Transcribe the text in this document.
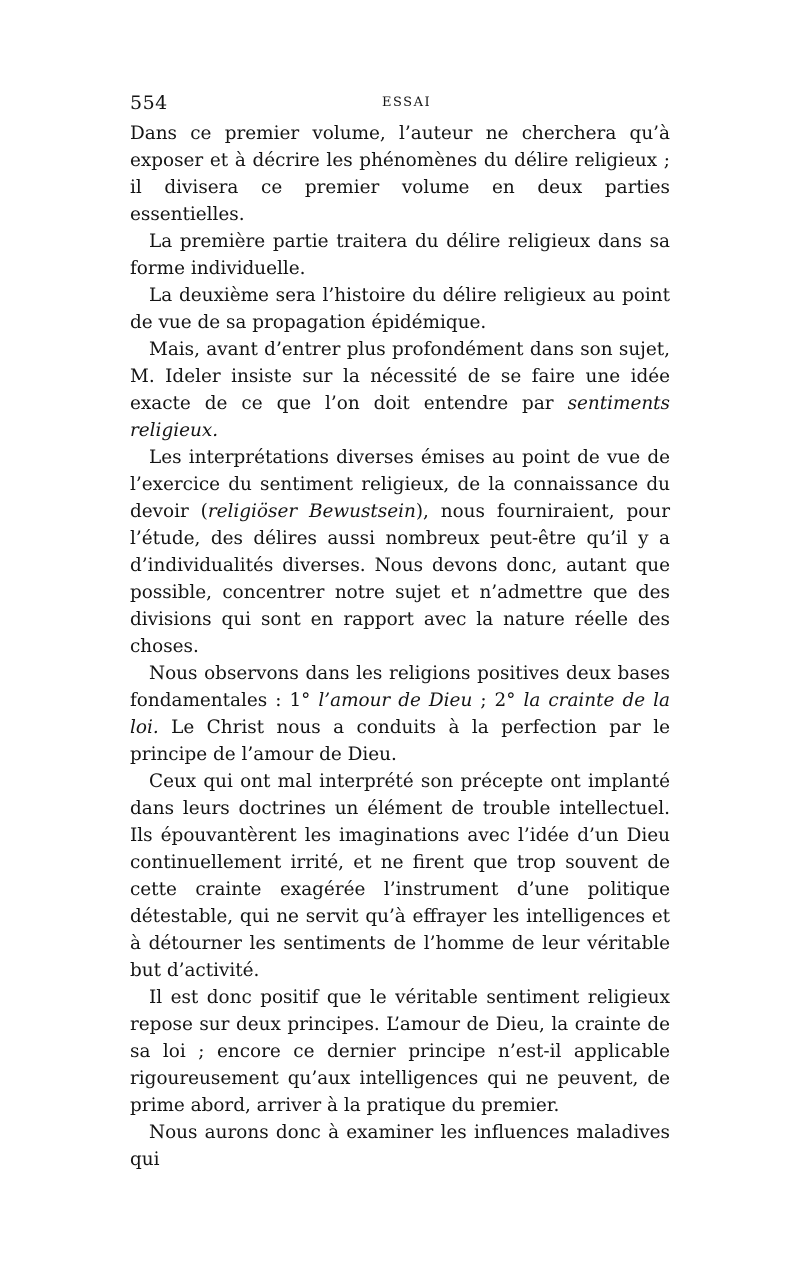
554	ESSAI

Dans ce premier volume, l’auteur ne cherchera qu’à exposer et à décrire les phénomènes du délire religieux ; il divisera ce premier volume en deux parties essentielles.

La première partie traitera du délire religieux dans sa forme individuelle.

La deuxième sera l’histoire du délire religieux au point de vue de sa propagation épidémique.

Mais, avant d’entrer plus profondément dans son sujet, M. Ideler insiste sur la nécessité de se faire une idée exacte de ce que l’on doit entendre par sentiments religieux.

Les interprétations diverses émises au point de vue de l’exercice du sentiment religieux, de la connaissance du devoir (religiöser Bewustsein), nous fourniraient, pour l’étude, des délires aussi nombreux peut-être qu’il y a d’individualités diverses. Nous devons donc, autant que possible, concentrer notre sujet et n’admettre que des divisions qui sont en rapport avec la nature réelle des choses.

Nous observons dans les religions positives deux bases fondamentales : 1° l’amour de Dieu ; 2° la crainte de la loi. Le Christ nous a conduits à la perfection par le principe de l’amour de Dieu.

Ceux qui ont mal interprété son précepte ont implanté dans leurs doctrines un élément de trouble intellectuel. Ils épouvantèrent les imaginations avec l’idée d’un Dieu continuellement irrité, et ne firent que trop souvent de cette crainte exagérée l’instrument d’une politique détestable, qui ne servit qu’à effrayer les intelligences et à détourner les sentiments de l’homme de leur véritable but d’activité.

Il est donc positif que le véritable sentiment religieux repose sur deux principes. L’amour de Dieu, la crainte de sa loi ; encore ce dernier principe n’est-il applicable rigoureusement qu’aux intelligences qui ne peuvent, de prime abord, arriver à la pratique du premier.

Nous aurons donc à examiner les influences maladives qui
